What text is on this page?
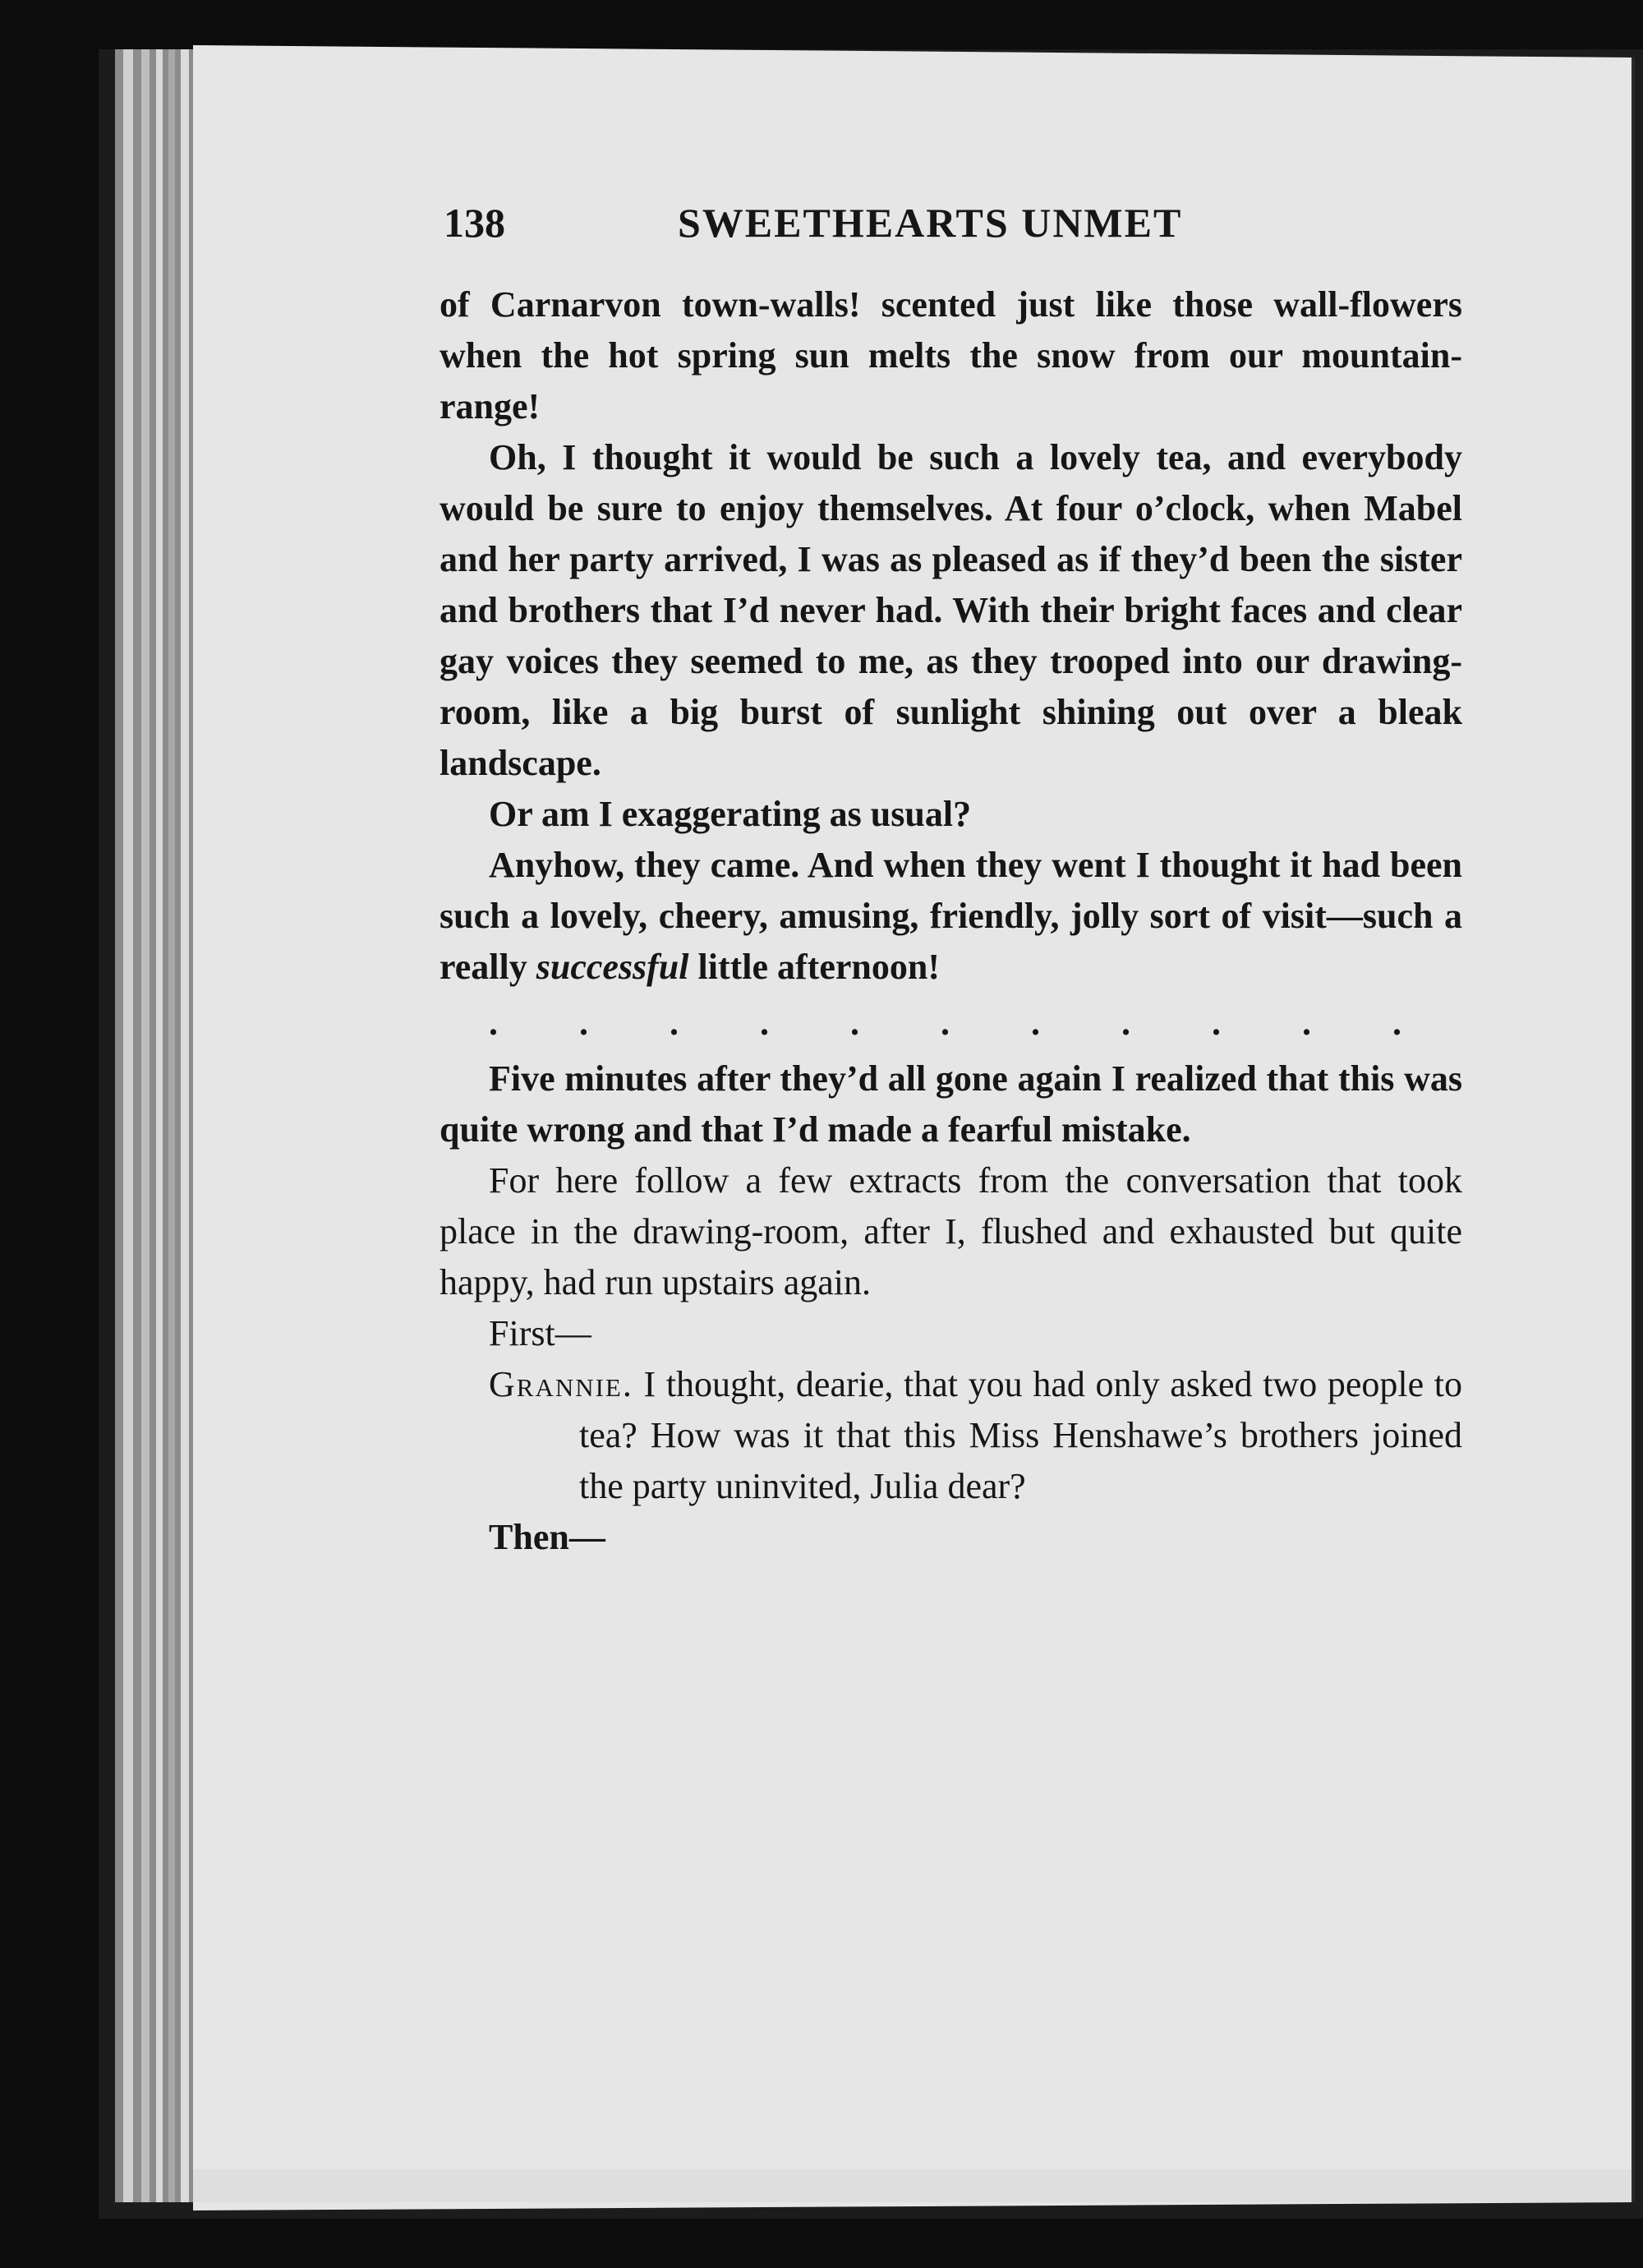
138	SWEETHEARTS UNMET

of Carnarvon town-walls! scented just like those wall-flowers when the hot spring sun melts the snow from our mountain-range!

Oh, I thought it would be such a lovely tea, and everybody would be sure to enjoy themselves. At four o’clock, when Mabel and her party arrived, I was as pleased as if they’d been the sister and brothers that I’d never had. With their bright faces and clear gay voices they seemed to me, as they trooped into our drawing-room, like a big burst of sunlight shining out over a bleak landscape.

Or am I exaggerating as usual?

Anyhow, they came. And when they went I thought it had been such a lovely, cheery, amusing, friendly, jolly sort of visit—such a really successful little afternoon!

. . . . . . . . . . .

Five minutes after they’d all gone again I realized that this was quite wrong and that I’d made a fearful mistake.

For here follow a few extracts from the conversation that took place in the drawing-room, after I, flushed and exhausted but quite happy, had run upstairs again.

First—

Grannie. I thought, dearie, that you had only asked two people to tea? How was it that this Miss Henshawe’s brothers joined the party uninvited, Julia dear?

Then—
